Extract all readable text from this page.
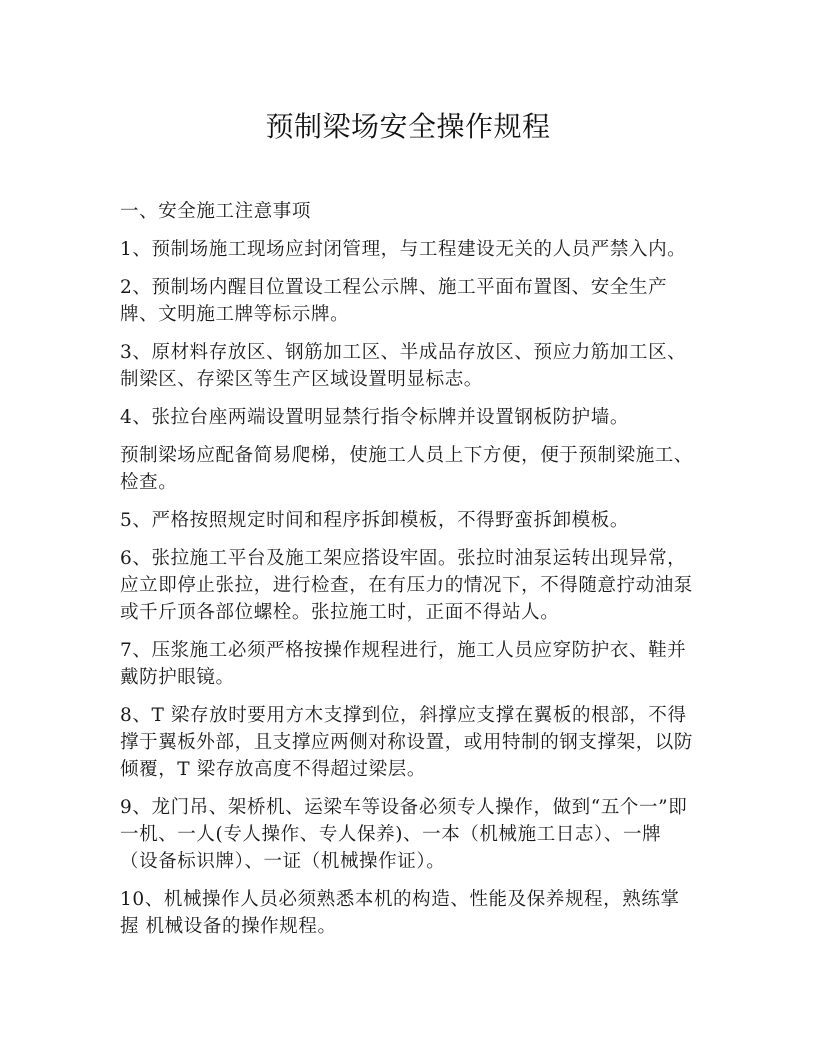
预制梁场安全操作规程

一、安全施工注意事项

1、预制场施工现场应封闭管理，与工程建设无关的人员严禁入内。

2、预制场内醒目位置设工程公示牌、施工平面布置图、安全生产牌、文明施工牌等标示牌。

3、原材料存放区、钢筋加工区、半成品存放区、预应力筋加工区、制梁区、存梁区等生产区域设置明显标志。

4、张拉台座两端设置明显禁行指令标牌并设置钢板防护墙。

预制梁场应配备简易爬梯，使施工人员上下方便，便于预制梁施工、检查。

5、严格按照规定时间和程序拆卸模板，不得野蛮拆卸模板。

6、张拉施工平台及施工架应搭设牢固。张拉时油泵运转出现异常，应立即停止张拉，进行检查，在有压力的情况下，不得随意拧动油泵或千斤顶各部位螺栓。张拉施工时，正面不得站人。

7、压浆施工必须严格按操作规程进行，施工人员应穿防护衣、鞋并戴防护眼镜。

8、T 梁存放时要用方木支撑到位，斜撑应支撑在翼板的根部，不得撑于翼板外部，且支撑应两侧对称设置，或用特制的钢支撑架，以防倾覆，T 梁存放高度不得超过梁层。

9、龙门吊、架桥机、运梁车等设备必须专人操作，做到“五个一”即一机、一人(专人操作、专人保养)、一本（机械施工日志）、一牌（设备标识牌）、一证（机械操作证）。

10、机械操作人员必须熟悉本机的构造、性能及保养规程，熟练掌握 机械设备的操作规程。
